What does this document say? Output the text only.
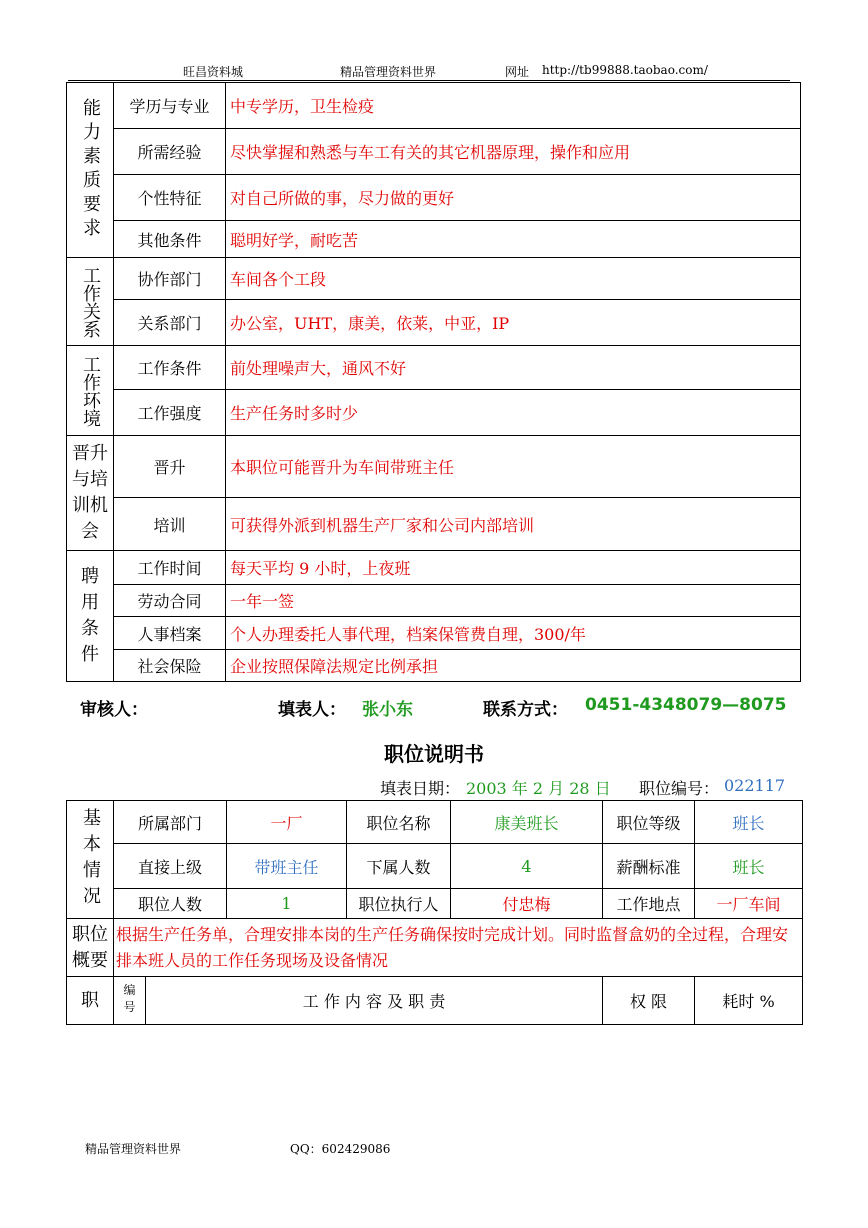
旺昌资料城	精品管理资料世界	网址 http://tb99888.taobao.com/
能力素质要求	学历与专业	中专学历，卫生检疫
	所需经验	尽快掌握和熟悉与车工有关的其它机器原理，操作和应用
	个性特征	对自己所做的事，尽力做的更好
	其他条件	聪明好学，耐吃苦
工作关系	协作部门	车间各个工段
	关系部门	办公室，UHT，康美，依莱，中亚，IP
工作环境	工作条件	前处理噪声大，通风不好
	工作强度	生产任务时多时少
晋升与培训机会	晋升	本职位可能晋升为车间带班主任
	培训	可获得外派到机器生产厂家和公司内部培训
聘用条件	工作时间	每天平均 9 小时，上夜班
	劳动合同	一年一签
	人事档案	个人办理委托人事代理，档案保管费自理，300/年
	社会保险	企业按照保障法规定比例承担
审核人：	填表人： 张小东	联系方式： 0451-4348079—8075
职位说明书
填表日期： 2003 年 2 月 28 日 职位编号： 022117
基本情况	所属部门		一厂	职位名称	康美班长	职位等级	班长
	直接上级		带班主任	下属人数	4	薪酬标准	班长
	职位人数		1	职位执行人	付忠梅	工作地点	一厂车间
职位概要	根据生产任务单，合理安排本岗的生产任务确保按时完成计划。同时监督盒奶的全过程，合理安排本班人员的工作任务现场及设备情况						
职	编号	工 作 内 容 及 职 责				权 限	耗时 %
精品管理资料世界	QQ：602429086
